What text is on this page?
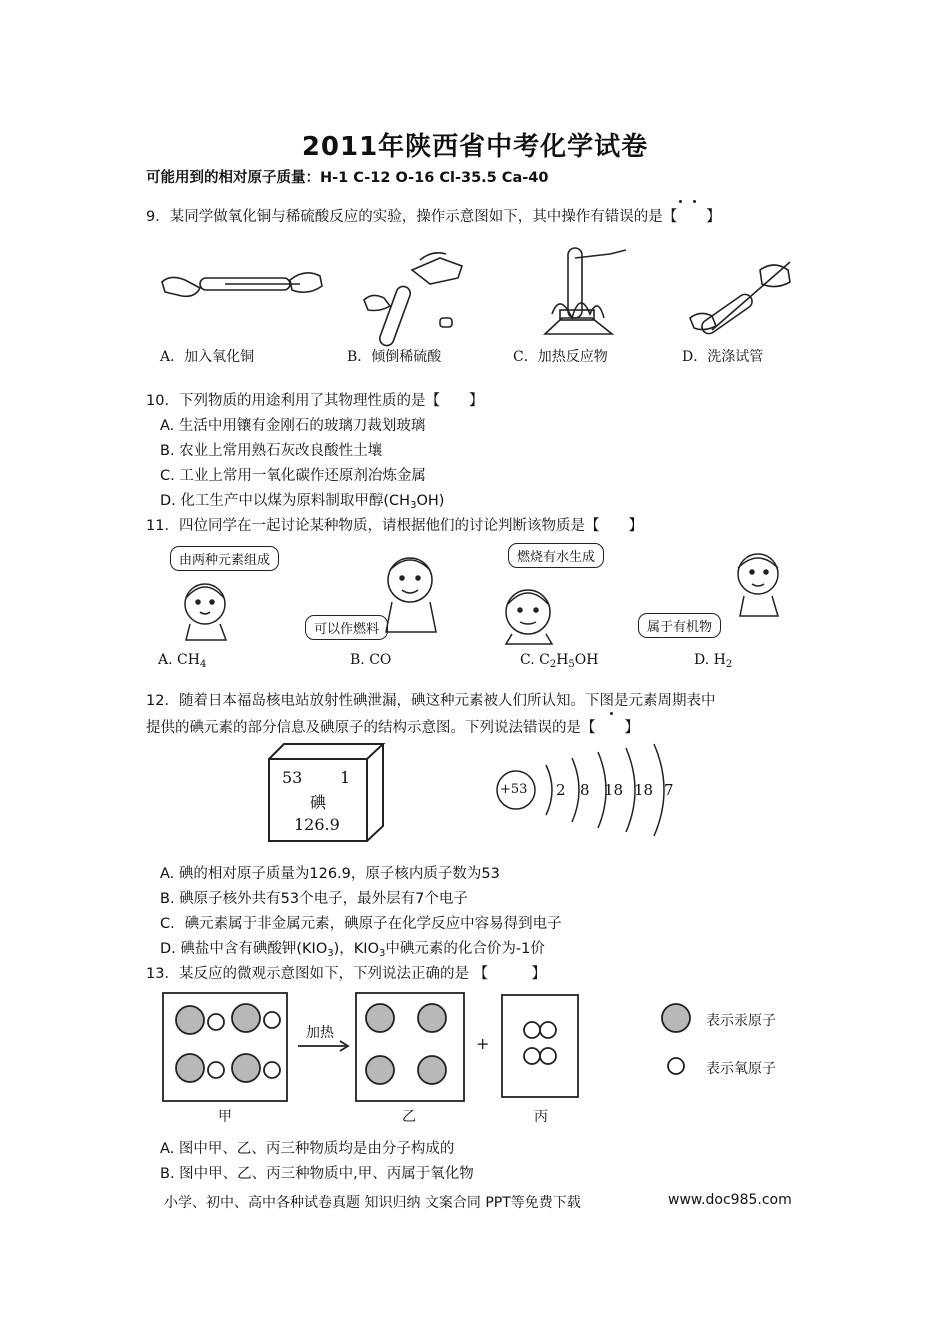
2011年陕西省中考化学试卷
可能用到的相对原子质量：H-1 C-12 O-16 Cl-35.5 Ca-40
9．某同学做氧化铜与稀硫酸反应的实验，操作示意图如下，其中操作有错误的是【　　】
A．加入氧化铜	B．倾倒稀硫酸	C．加热反应物	D．洗涤试管
10．下列物质的用途利用了其物理性质的是【　　】
A. 生活中用镶有金刚石的玻璃刀裁划玻璃
B. 农业上常用熟石灰改良酸性土壤
C. 工业上常用一氧化碳作还原剂冶炼金属
D. 化工生产中以煤为原料制取甲醇$(CH_3OH)$
11．四位同学在一起讨论某种物质，请根据他们的讨论判断该物质是【　　】
由两种元素组成
可以作燃料
燃烧有水生成
属于有机物
A. $CH_4$	B. CO	C. $C_2H_5OH$	D. $H_2$
12．随着日本福岛核电站放射性碘泄漏，碘这种元素被人们所认知。下图是元素周期表中
提供的碘元素的部分信息及碘原子的结构示意图。下列说法错误的是【　　】
53 1
碘
126.9
+53 2 8 18 18 7
A. 碘的相对原子质量为126.9，原子核内质子数为53
B. 碘原子核外共有53个电子，最外层有7个电子
C．碘元素属于非金属元素，碘原子在化学反应中容易得到电子
D. 碘盐中含有碘酸钾$(KIO_3)$，$KIO_3$中碘元素的化合价为-1价
13．某反应的微观示意图如下，下列说法正确的是 【　　　】
加热
+
甲	乙	丙
表示汞原子
表示氧原子
A. 图中甲、乙、丙三种物质均是由分子构成的
B. 图中甲、乙、丙三种物质中,甲、丙属于氧化物
小学、初中、高中各种试卷真题 知识归纳 文案合同 PPT等免费下载	www.doc985.com
